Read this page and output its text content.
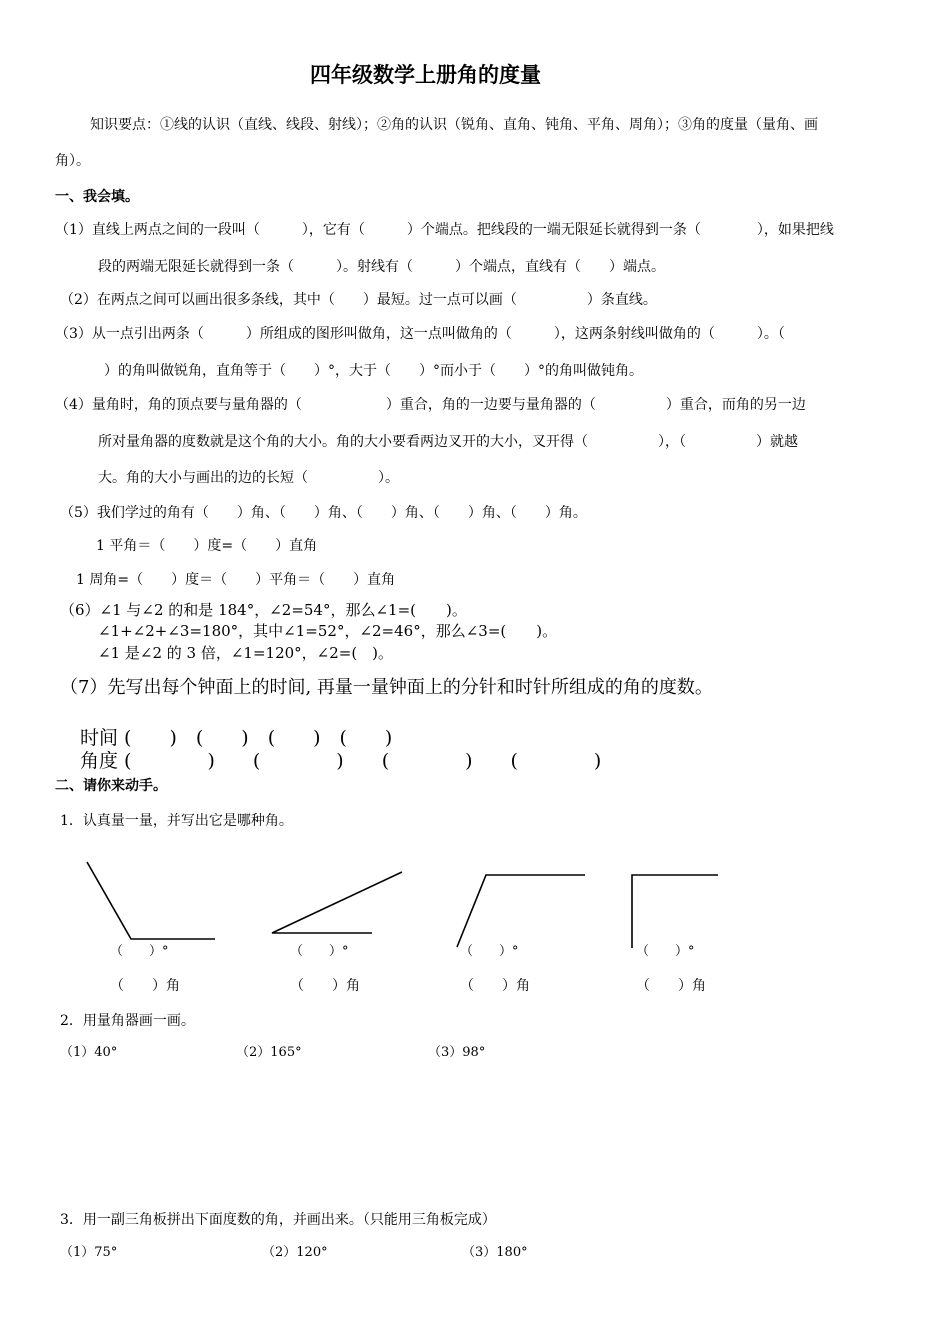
四年级数学上册角的度量
知识要点：①线的认识（直线、线段、射线）；②角的认识（锐角、直角、钝角、平角、周角）；③角的度量（量角、画
角）。
一、我会填。
（1）直线上两点之间的一段叫（　　　），它有（　　　）个端点。把线段的一端无限延长就得到一条（　　　　），如果把线
段的两端无限延长就得到一条（　　　）。射线有（　　　）个端点，直线有（　　）端点。
（2）在两点之间可以画出很多条线，其中（　　）最短。过一点可以画（　　　　　）条直线。
（3）从一点引出两条（　　　）所组成的图形叫做角，这一点叫做角的（　　　），这两条射线叫做角的（　　　）。（
）的角叫做锐角，直角等于（　　）°，大于（　　）°而小于（　　）°的角叫做钝角。
（4）量角时，角的顶点要与量角器的（　　　　　　）重合，角的一边要与量角器的（　　　　　）重合，而角的另一边
所对量角器的度数就是这个角的大小。角的大小要看两边叉开的大小，叉开得（　　　　　），（　　　　　）就越
大。角的大小与画出的边的长短（　　　　　）。
（5）我们学过的角有（　　）角、（　　）角、（　　）角、（　　）角、（　　）角。
1 平角＝（　　）度=（　　）直角
1 周角=（　　）度＝（　　）平角＝（　　）直角
（6）∠1 与∠2 的和是 184°，∠2=54°，那么∠1=(　　)。
∠1+∠2+∠3=180°，其中∠1=52°，∠2=46°，那么∠3=(　　)。
∠1 是∠2 的 3 倍，∠1=120°，∠2=(　)。
（7）先写出每个钟面上的时间, 再量一量钟面上的分针和时针所组成的角的度数。
时间 (　　)　(　　)　(　　)　(　　)
角度 (　　　　)　　(　　　　)　　(　　　　)　　(　　　　)
二、请你来动手。
1．认真量一量，并写出它是哪种角。
（　　）°	（　　）°	（　　）°	（　　）°
（　　）角	（　　）角	（　　）角	（　　）角
2．用量角器画一画。
（1）40°	（2）165°	（3）98°
3．用一副三角板拼出下面度数的角，并画出来。（只能用三角板完成）
（1）75°	（2）120°	（3）180°
